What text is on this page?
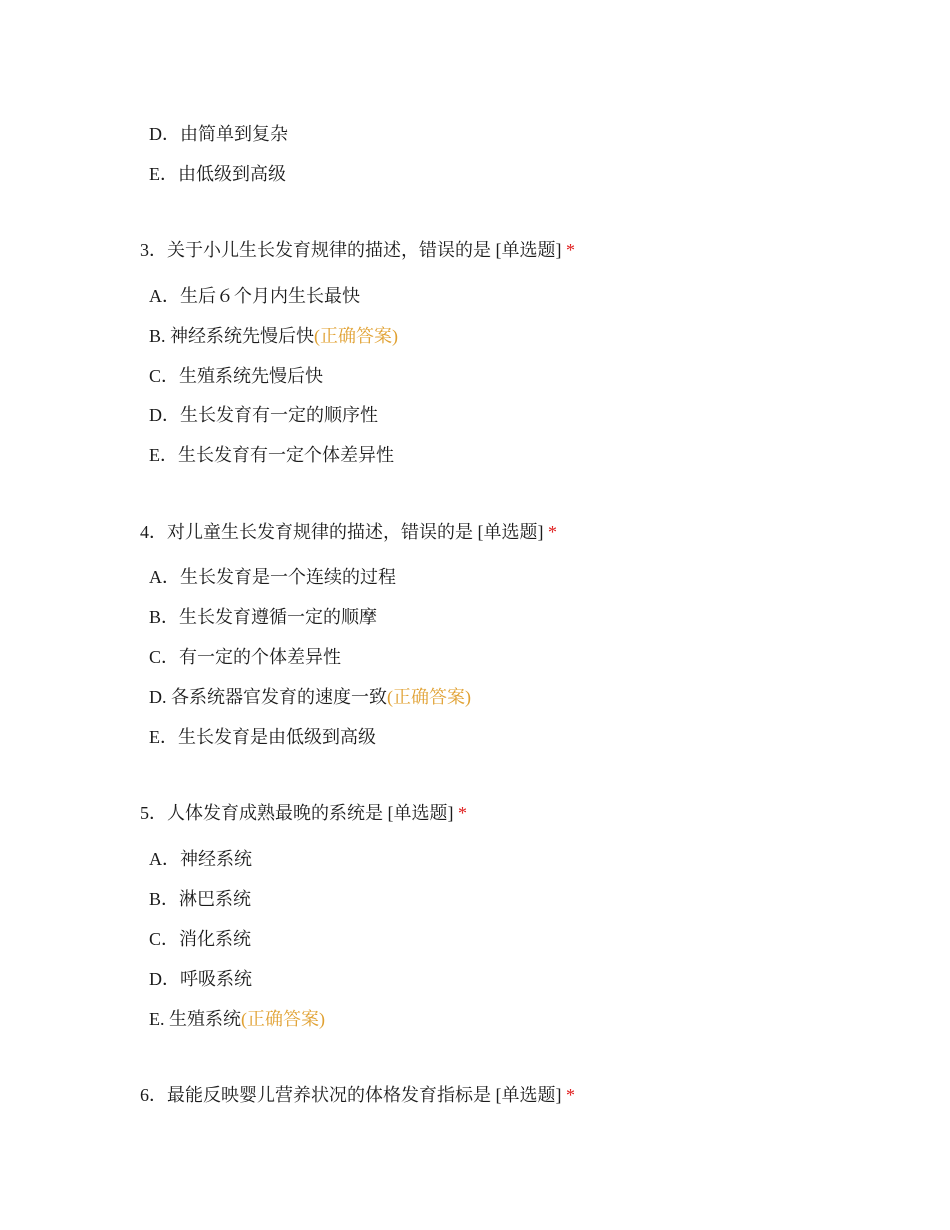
D．由简单到复杂
E．由低级到高级
3．关于小儿生长发育规律的描述，错误的是 [单选题] *
A．生后６个月内生长最快
B. 神经系统先慢后快(正确答案)
C．生殖系统先慢后快
D．生长发育有一定的顺序性
E．生长发育有一定个体差异性
4．对儿童生长发育规律的描述，错误的是 [单选题] *
A．生长发育是一个连续的过程
B．生长发育遵循一定的顺摩
C．有一定的个体差异性
D. 各系统器官发育的速度一致(正确答案)
E．生长发育是由低级到高级
5．人体发育成熟最晚的系统是 [单选题] *
A．神经系统
B．淋巴系统
C．消化系统
D．呼吸系统
E. 生殖系统(正确答案)
6．最能反映婴儿营养状况的体格发育指标是 [单选题] *
